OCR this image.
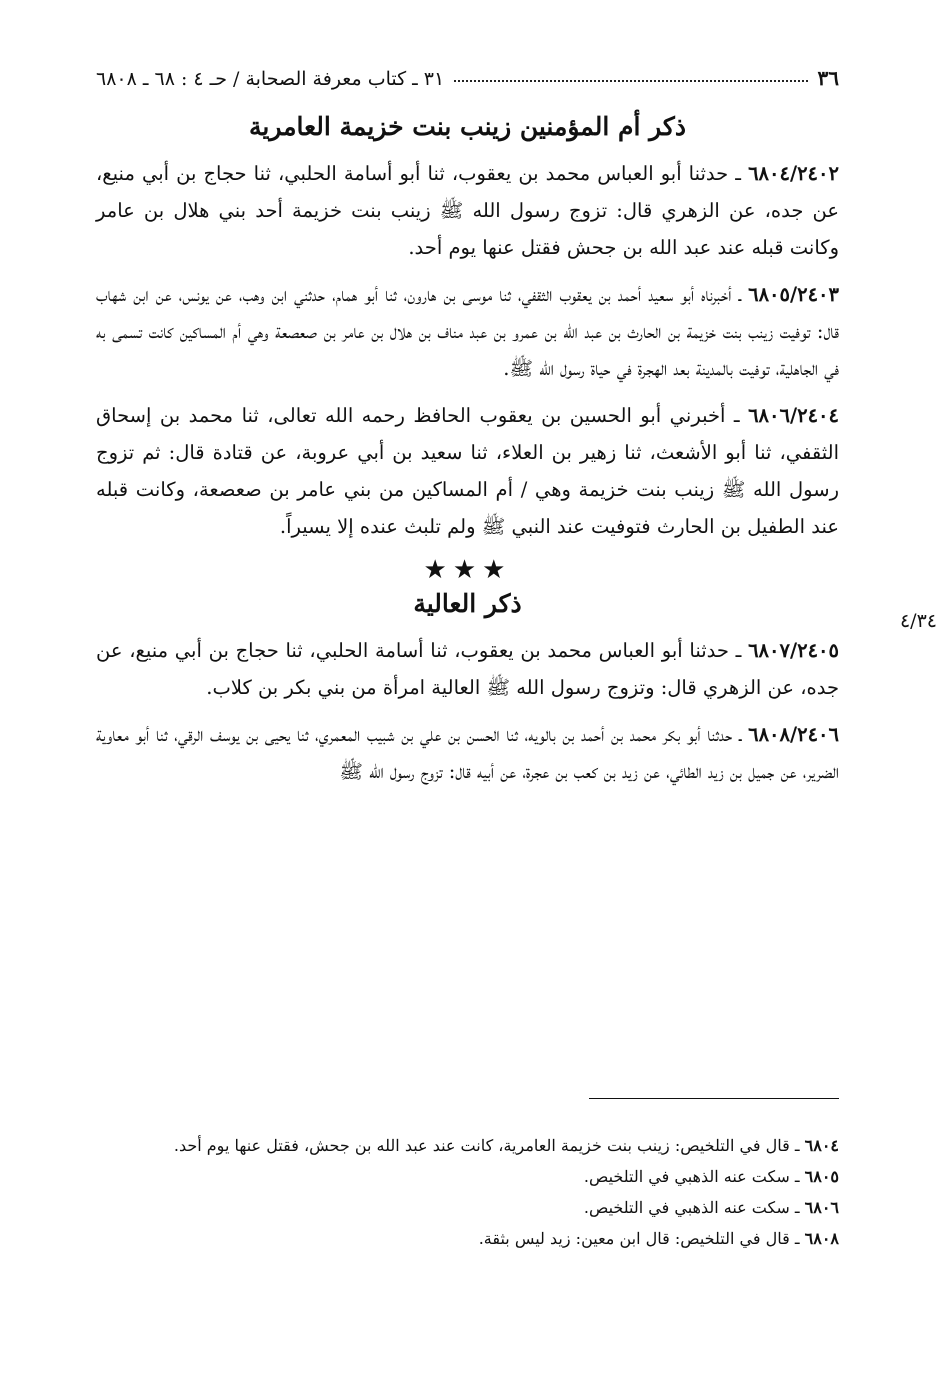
٣٦
٣١ ـ كتاب معرفة الصحابة / حـ ٤ : ٦٨ ـ ٦٨٠٨
ذكر أم المؤمنين زينب بنت خزيمة العامرية
٦٨٠٤/٢٤٠٢ ـ حدثنا أبو العباس محمد بن يعقوب، ثنا أبو أسامة الحلبي، ثنا حجاج بن أبي منيع، عن جده، عن الزهري قال: تزوج رسول الله ﷺ زينب بنت خزيمة أحد بني هلال بن عامر وكانت قبله عند عبد الله بن جحش فقتل عنها يوم أحد.
٦٨٠٥/٢٤٠٣ ـ أخبرناه أبو سعيد أحمد بن يعقوب الثقفي، ثنا موسى بن هارون، ثنا أبو همام، حدثني ابن وهب، عن يونس، عن ابن شهاب قال: توفيت زينب بنت خزيمة بن الحارث بن عبد الله بن عمرو بن عبد مناف بن هلال بن عامر بن صعصعة وهي أم المساكين كانت تسمى به في الجاهلية، توفيت بالمدينة بعد الهجرة في حياة رسول الله ﷺ.
٦٨٠٦/٢٤٠٤ ـ أخبرني أبو الحسين بن يعقوب الحافظ رحمه الله تعالى، ثنا محمد بن إسحاق الثقفي، ثنا أبو الأشعث، ثنا زهير بن العلاء، ثنا سعيد بن أبي عروبة، عن قتادة قال: ثم تزوج رسول الله ﷺ زينب بنت خزيمة وهي / أم المساكين من بني عامر بن صعصعة، وكانت قبله عند الطفيل بن الحارث فتوفيت عند النبي ﷺ ولم تلبث عنده إلا يسيراً.
★★★
ذكر العالية
٦٨٠٧/٢٤٠٥ ـ حدثنا أبو العباس محمد بن يعقوب، ثنا أسامة الحلبي، ثنا حجاج بن أبي منيع، عن جده، عن الزهري قال: وتزوج رسول الله ﷺ العالية امرأة من بني بكر بن كلاب.
٦٨٠٨/٢٤٠٦ ـ حدثنا أبو بكر محمد بن أحمد بن بالويه، ثنا الحسن بن علي بن شبيب المعمري، ثنا يحيى بن يوسف الرقي، ثنا أبو معاوية الضرير، عن جميل بن زيد الطائي، عن زيد بن كعب بن عجرة، عن أبيه قال: تزوج رسول الله ﷺ
٤/٣٤
٦٨٠٤ ـ قال في التلخيص: زينب بنت خزيمة العامرية، كانت عند عبد الله بن جحش، فقتل عنها يوم أحد.
٦٨٠٥ ـ سكت عنه الذهبي في التلخيص.
٦٨٠٦ ـ سكت عنه الذهبي في التلخيص.
٦٨٠٨ ـ قال في التلخيص: قال ابن معين: زيد ليس بثقة.
